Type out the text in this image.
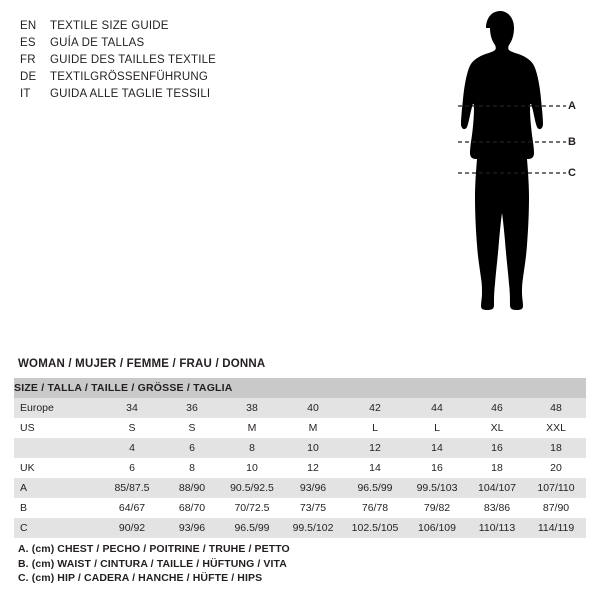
EN	TEXTILE SIZE GUIDE
ES	GUÍA DE TALLAS
FR	GUIDE DES TAILLES TEXTILE
DE	TEXTILGRÖSSENFÜHRUNG
IT	GUIDA ALLE TAGLIE TESSILI
A
B
C
WOMAN / MUJER / FEMME / FRAU / DONNA
SIZE / TALLA / TAILLE / GRÖSSE / TAGLIA								
Europe	34	36	38	40	42	44	46	48
US	S	S	M	M	L	L	XL	XXL
	4	6	8	10	12	14	16	18
UK	6	8	10	12	14	16	18	20
A	85/87.5	88/90	90.5/92.5	93/96	96.5/99	99.5/103	104/107	107/110
B	64/67	68/70	70/72.5	73/75	76/78	79/82	83/86	87/90
C	90/92	93/96	96.5/99	99.5/102	102.5/105	106/109	110/113	114/119
A. (cm) CHEST / PECHO / POITRINE / TRUHE / PETTO
B. (cm) WAIST / CINTURA / TAILLE / HÜFTUNG / VITA
C. (cm) HIP / CADERA / HANCHE / HÜFTE / HIPS
